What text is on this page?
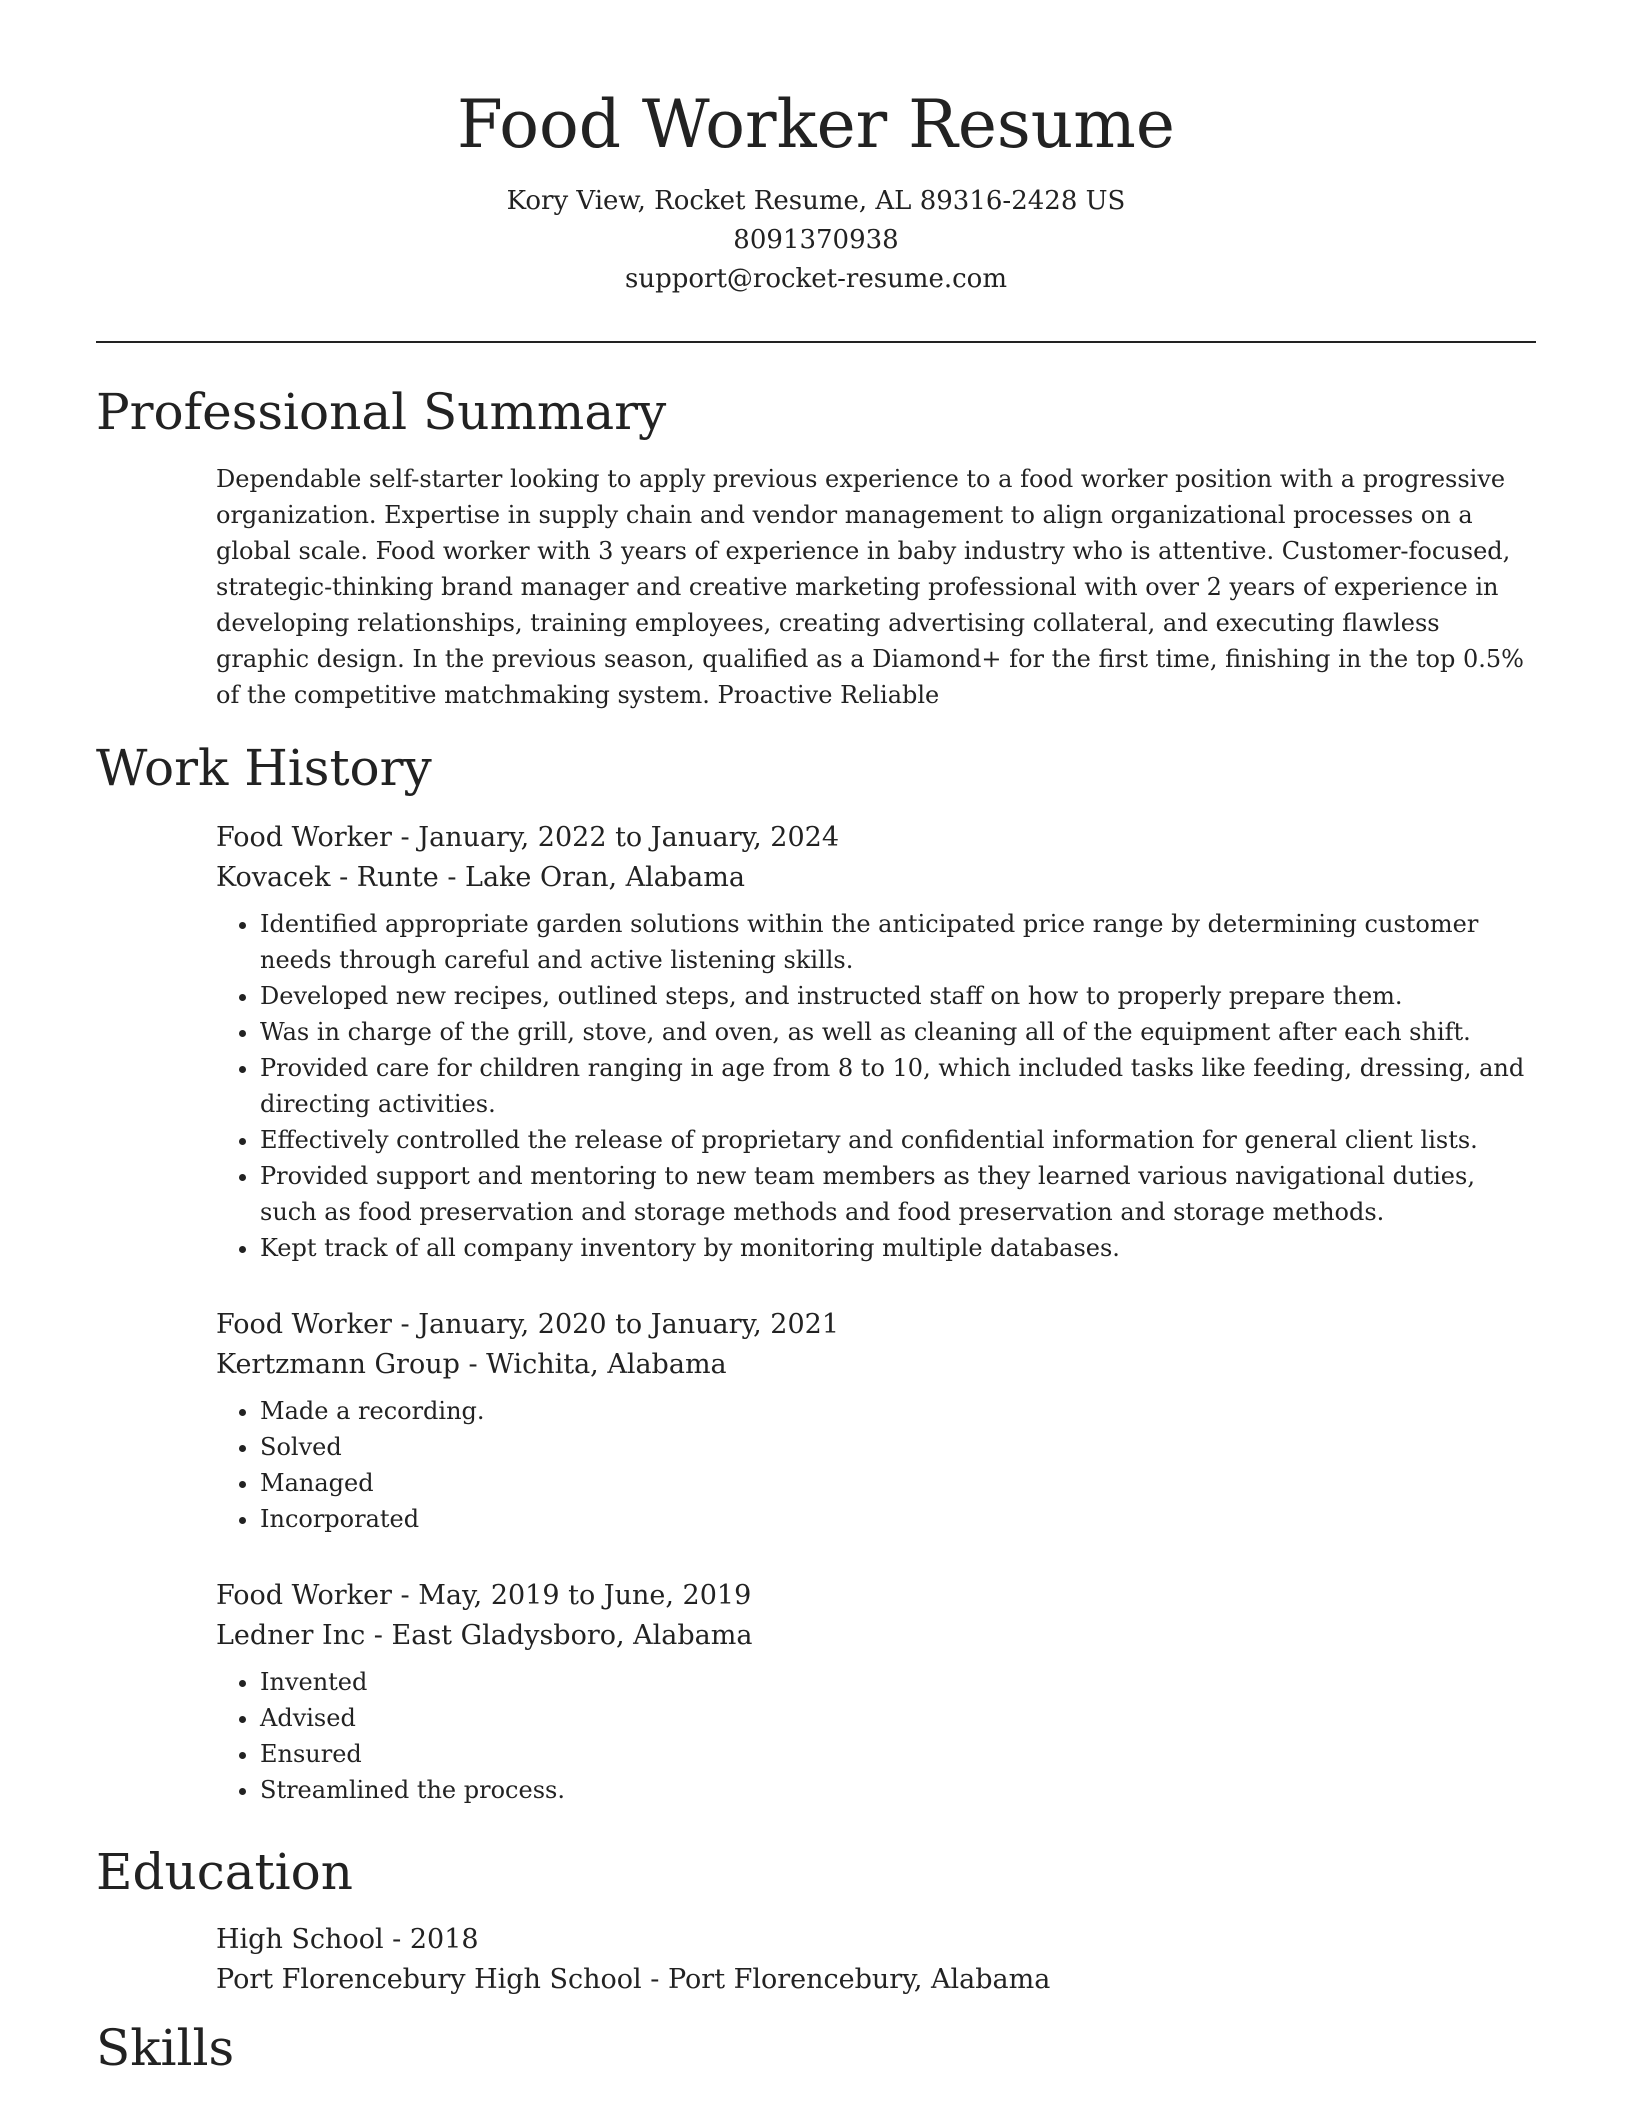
Food Worker Resume
Kory View, Rocket Resume, AL 89316-2428 US
8091370938
support@rocket-resume.com
Professional Summary
Dependable self-starter looking to apply previous experience to a food worker position with a progressive organization. Expertise in supply chain and vendor management to align organizational processes on a global scale. Food worker with 3 years of experience in baby industry who is attentive. Customer-focused, strategic-thinking brand manager and creative marketing professional with over 2 years of experience in developing relationships, training employees, creating advertising collateral, and executing flawless graphic design. In the previous season, qualified as a Diamond+ for the first time, finishing in the top 0.5% of the competitive matchmaking system. Proactive Reliable
Work History
Food Worker - January, 2022 to January, 2024
Kovacek - Runte - Lake Oran, Alabama
• Identified appropriate garden solutions within the anticipated price range by determining customer needs through careful and active listening skills.
• Developed new recipes, outlined steps, and instructed staff on how to properly prepare them.
• Was in charge of the grill, stove, and oven, as well as cleaning all of the equipment after each shift.
• Provided care for children ranging in age from 8 to 10, which included tasks like feeding, dressing, and directing activities.
• Effectively controlled the release of proprietary and confidential information for general client lists.
• Provided support and mentoring to new team members as they learned various navigational duties, such as food preservation and storage methods and food preservation and storage methods.
• Kept track of all company inventory by monitoring multiple databases.
Food Worker - January, 2020 to January, 2021
Kertzmann Group - Wichita, Alabama
• Made a recording.
• Solved
• Managed
• Incorporated
Food Worker - May, 2019 to June, 2019
Ledner Inc - East Gladysboro, Alabama
• Invented
• Advised
• Ensured
• Streamlined the process.
Education
High School - 2018
Port Florencebury High School - Port Florencebury, Alabama
Skills
